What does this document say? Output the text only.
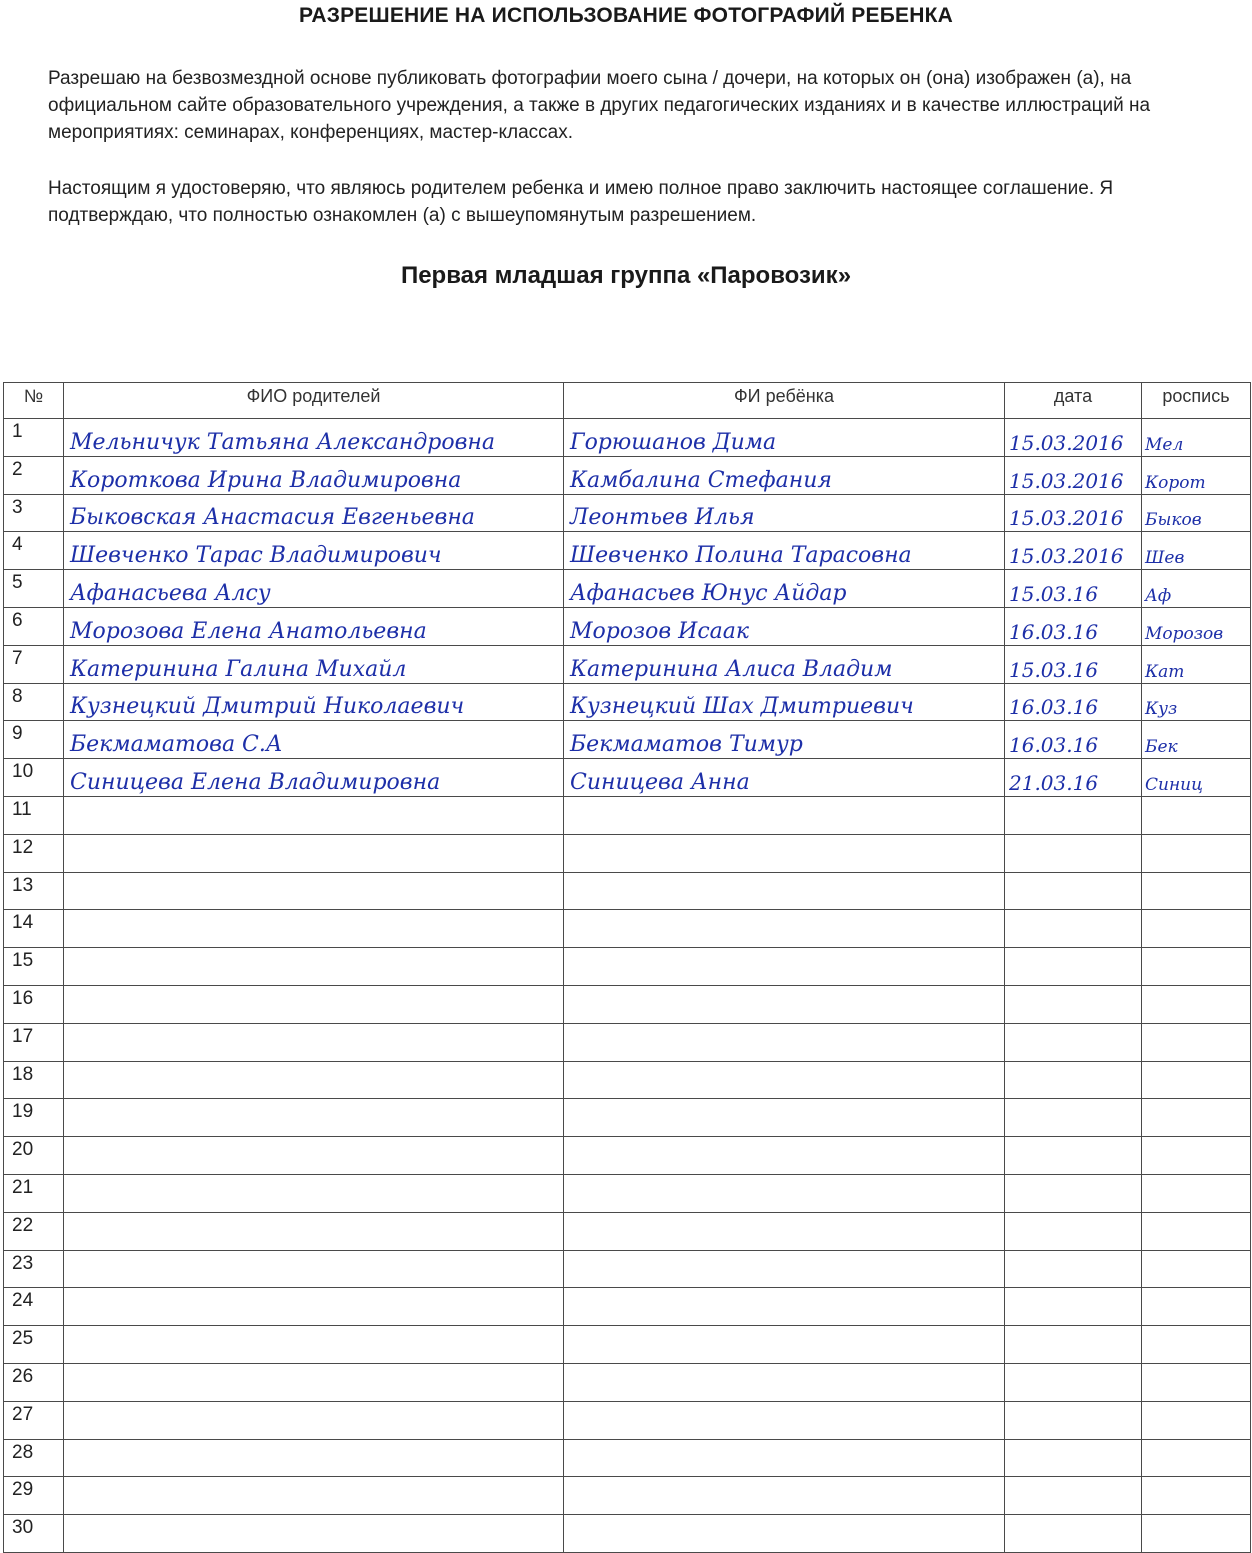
РАЗРЕШЕНИЕ НА ИСПОЛЬЗОВАНИЕ ФОТОГРАФИЙ РЕБЕНКА
Разрешаю на безвозмездной основе публиковать фотографии моего сына / дочери, на которых он (она) изображен (а), на официальном сайте образовательного учреждения, а также в других педагогических изданиях и в качестве иллюстраций на мероприятиях: семинарах, конференциях, мастер-классах.
Настоящим я удостоверяю, что являюсь родителем ребенка и имею полное право заключить настоящее соглашение. Я подтверждаю, что полностью ознакомлен (а) с вышеупомянутым разрешением.
Первая младшая группа «Паровозик»
№	ФИО родителей	ФИ ребёнка	дата	роспись
1	Мельничук Татьяна Александровна	Горюшанов Дима	15.03.2016	Мел
2	Короткова Ирина Владимировна	Камбалина Стефания	15.03.2016	Корот
3	Быковская Анастасия Евгеньевна	Леонтьев Илья	15.03.2016	Быков
4	Шевченко Тарас Владимирович	Шевченко Полина Тарасовна	15.03.2016	Шев
5	Афанасьева Алсу	Афанасьев Юнус Айдар	15.03.16	Аф
6	Морозова Елена Анатольевна	Морозов Исаак	16.03.16	Морозов
7	Катеринина Галина Михайл	Катеринина Алиса Владим	15.03.16	Кат
8	Кузнецкий Дмитрий Николаевич	Кузнецкий Шах Дмитриевич	16.03.16	Куз
9	Бекмаматова С.А	Бекмаматов Тимур	16.03.16	Бек
10	Синицева Елена Владимировна	Синицева Анна	21.03.16	Синиц
11				
12				
13				
14				
15				
16				
17				
18				
19				
20				
21				
22				
23				
24				
25				
26				
27				
28				
29				
30				
